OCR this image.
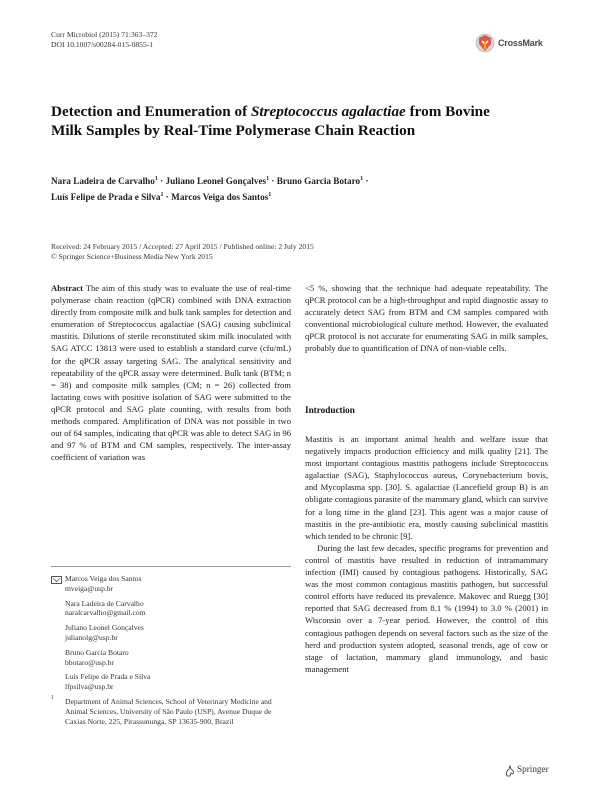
Curr Microbiol (2015) 71:363–372
DOI 10.1007/s00284-015-0855-1	CrossMark
Detection and Enumeration of Streptococcus agalactiae from Bovine Milk Samples by Real-Time Polymerase Chain Reaction
Nara Ladeira de Carvalho$^1$ · Juliano Leonel Gonçalves$^1$ · Bruno Garcia Botaro$^1$ ·
Luís Felipe de Prada e Silva$^1$ · Marcos Veiga dos Santos$^1$
Received: 24 February 2015 / Accepted: 27 April 2015 / Published online: 2 July 2015
© Springer Science+Business Media New York 2015
Abstract The aim of this study was to evaluate the use of real-time polymerase chain reaction (qPCR) combined with DNA extraction directly from composite milk and bulk tank samples for detection and enumeration of Streptococcus agalactiae (SAG) causing subclinical mastitis. Dilutions of sterile reconstituted skim milk inoculated with SAG ATCC 13813 were used to establish a standard curve (cfu/mL) for the qPCR assay targeting SAG. The analytical sensitivity and repeatability of the qPCR assay were determined. Bulk tank (BTM; n = 38) and composite milk samples (CM; n = 26) collected from lactating cows with positive isolation of SAG were submitted to the qPCR protocol and SAG plate counting, with results from both methods compared. Amplification of DNA was not possible in two out of 64 samples, indicating that qPCR was able to detect SAG in 96 and 97 % of BTM and CM samples, respectively. The inter-assay coefficient of variation was
<5 %, showing that the technique had adequate repeatability. The qPCR protocol can be a high-throughput and rapid diagnostic assay to accurately detect SAG from BTM and CM samples compared with conventional microbiological culture method. However, the evaluated qPCR protocol is not accurate for enumerating SAG in milk samples, probably due to quantification of DNA of non-viable cells.
Introduction

Mastitis is an important animal health and welfare issue that negatively impacts production efficiency and milk quality [21]. The most important contagious mastitis pathogens include Streptococcus agalactiae (SAG), Staphylococcus aureus, Corynebacterium bovis, and Mycoplasma spp. [30]. S. agalactiae (Lancefield group B) is an obligate contagious parasite of the mammary gland, which can survive for a long time in the gland [23]. This agent was a major cause of mastitis in the pre-antibiotic era, mostly causing subclinical mastitis which tended to be chronic [9].

During the last few decades, specific programs for prevention and control of mastitis have resulted in reduction of intramammary infection (IMI) caused by contagious pathogens. Historically, SAG was the most common contagious mastitis pathogen, but successful control efforts have reduced its prevalence. Makovec and Ruegg [30] reported that SAG decreased from 8.1 % (1994) to 3.0 % (2001) in Wisconsin over a 7-year period. However, the control of this contagious pathogen depends on several factors such as the size of the herd and production system adopted, seasonal trends, age of cow or stage of lactation, mammary gland immunology, and basic management

Marcos Veiga dos Santos
mveiga@usp.br
Nara Ladeira de Carvalho
naralcarvalho@gmail.com
Juliano Leonel Gonçalves
julianolg@usp.br
Bruno Garcia Botaro
bbotaro@usp.br
Luís Felipe de Prada e Silva
lfpsilva@usp.br
1 Department of Animal Sciences, School of Veterinary Medicine and Animal Sciences, University of São Paulo (USP), Avenue Duque de Caxias Norte, 225, Pirassununga, SP 13635-900, Brazil
Springer
